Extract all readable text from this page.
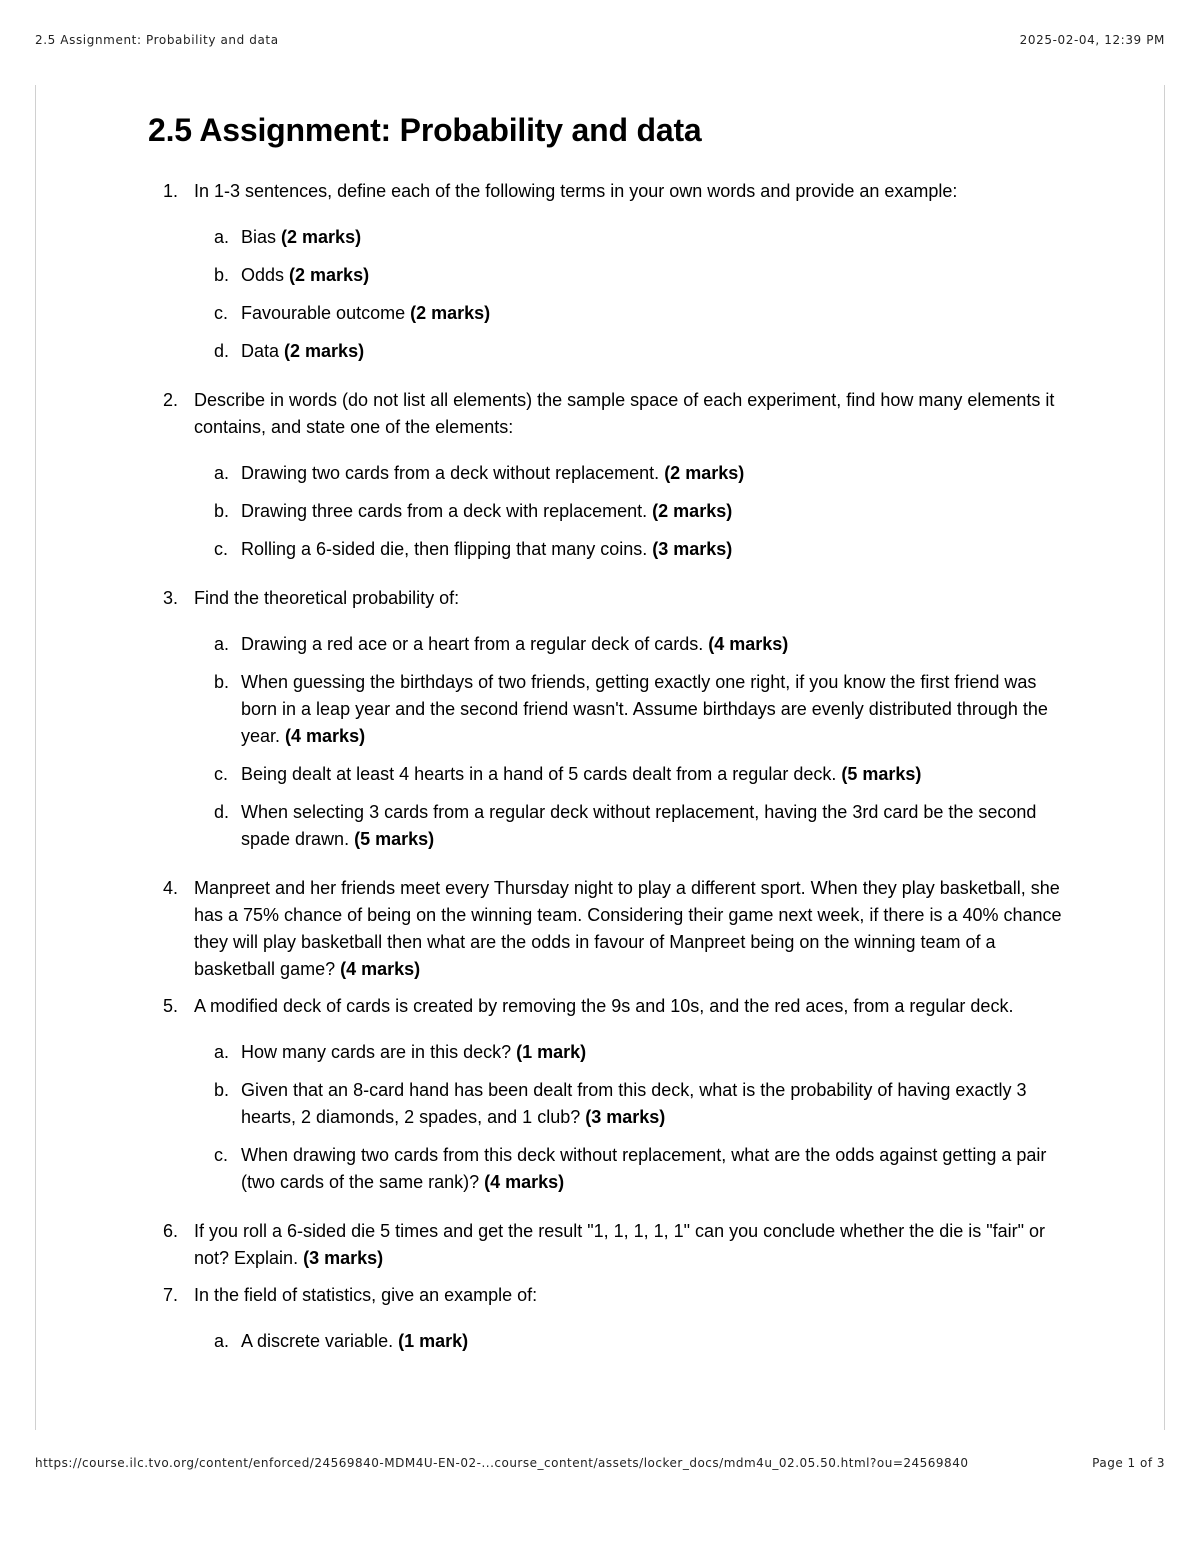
2.5 Assignment: Probability and data	2025-02-04, 12:39 PM
2.5 Assignment: Probability and data
1. In 1-3 sentences, define each of the following terms in your own words and provide an example:
a. Bias (2 marks)
b. Odds (2 marks)
c. Favourable outcome (2 marks)
d. Data (2 marks)
2. Describe in words (do not list all elements) the sample space of each experiment, find how many elements it contains, and state one of the elements:
a. Drawing two cards from a deck without replacement. (2 marks)
b. Drawing three cards from a deck with replacement. (2 marks)
c. Rolling a 6-sided die, then flipping that many coins. (3 marks)
3. Find the theoretical probability of:
a. Drawing a red ace or a heart from a regular deck of cards. (4 marks)
b. When guessing the birthdays of two friends, getting exactly one right, if you know the first friend was born in a leap year and the second friend wasn't. Assume birthdays are evenly distributed through the year. (4 marks)
c. Being dealt at least 4 hearts in a hand of 5 cards dealt from a regular deck. (5 marks)
d. When selecting 3 cards from a regular deck without replacement, having the 3rd card be the second spade drawn. (5 marks)
4. Manpreet and her friends meet every Thursday night to play a different sport. When they play basketball, she has a 75% chance of being on the winning team. Considering their game next week, if there is a 40% chance they will play basketball then what are the odds in favour of Manpreet being on the winning team of a basketball game? (4 marks)
5. A modified deck of cards is created by removing the 9s and 10s, and the red aces, from a regular deck.
a. How many cards are in this deck? (1 mark)
b. Given that an 8-card hand has been dealt from this deck, what is the probability of having exactly 3 hearts, 2 diamonds, 2 spades, and 1 club? (3 marks)
c. When drawing two cards from this deck without replacement, what are the odds against getting a pair (two cards of the same rank)? (4 marks)
6. If you roll a 6-sided die 5 times and get the result "1, 1, 1, 1, 1" can you conclude whether the die is "fair" or not? Explain. (3 marks)
7. In the field of statistics, give an example of:
a. A discrete variable. (1 mark)
https://course.ilc.tvo.org/content/enforced/24569840-MDM4U-EN-02-...course_content/assets/locker_docs/mdm4u_02.05.50.html?ou=24569840	Page 1 of 3
